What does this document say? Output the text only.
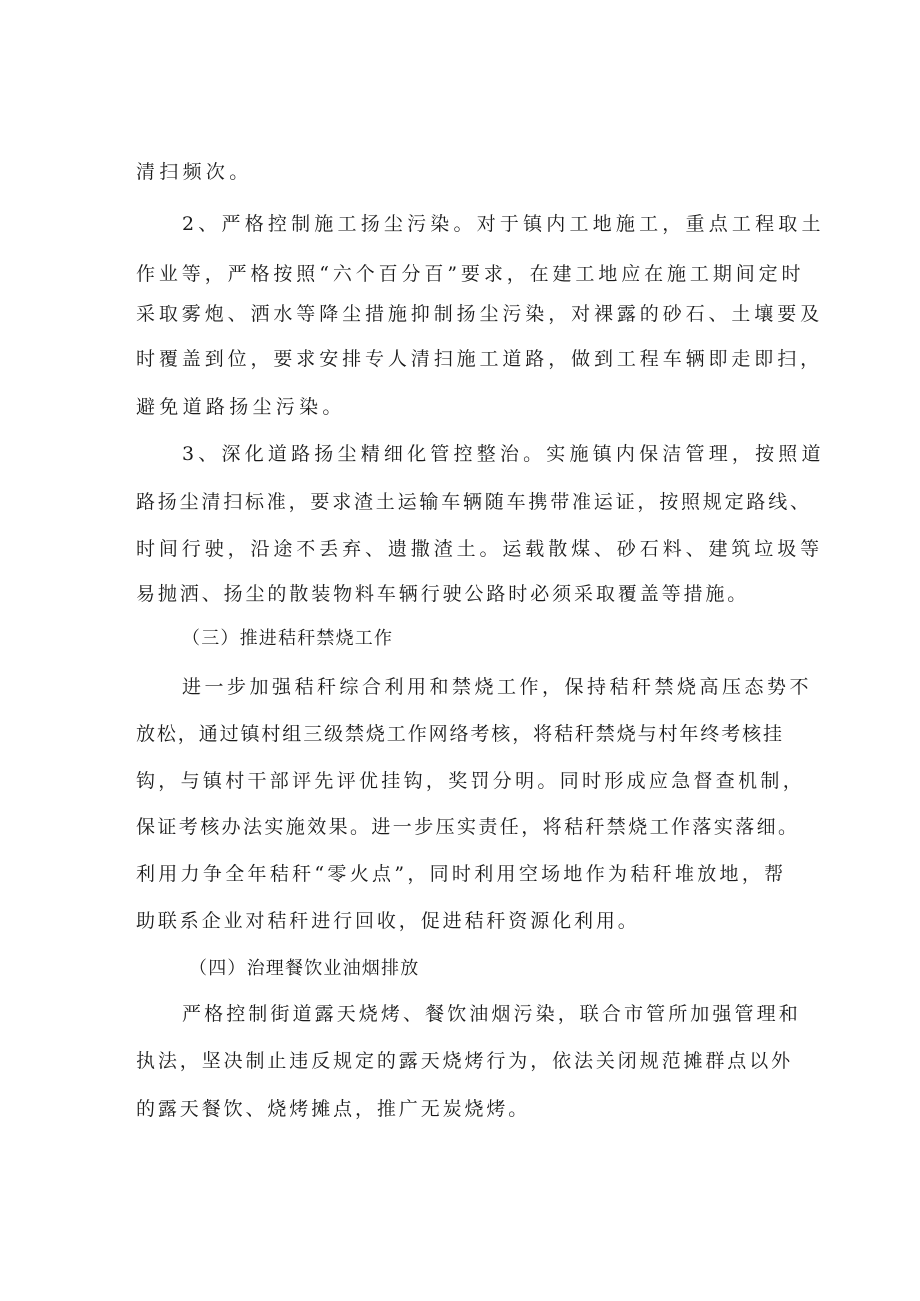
清扫频次。
2、严格控制施工扬尘污染。对于镇内工地施工，重点工程取土
作业等，严格按照“六个百分百”要求，在建工地应在施工期间定时
采取雾炮、洒水等降尘措施抑制扬尘污染，对裸露的砂石、土壤要及
时覆盖到位，要求安排专人清扫施工道路，做到工程车辆即走即扫，
避免道路扬尘污染。
3、深化道路扬尘精细化管控整治。实施镇内保洁管理，按照道
路扬尘清扫标准，要求渣土运输车辆随车携带准运证，按照规定路线、
时间行驶，沿途不丢弃、遗撒渣土。运载散煤、砂石料、建筑垃圾等
易抛洒、扬尘的散装物料车辆行驶公路时必须采取覆盖等措施。
（三）推进秸秆禁烧工作
进一步加强秸秆综合利用和禁烧工作，保持秸秆禁烧高压态势不
放松，通过镇村组三级禁烧工作网络考核，将秸秆禁烧与村年终考核挂
钩，与镇村干部评先评优挂钩，奖罚分明。同时形成应急督查机制，
保证考核办法实施效果。进一步压实责任，将秸秆禁烧工作落实落细。
利用力争全年秸秆“零火点”，同时利用空场地作为秸秆堆放地，帮
助联系企业对秸秆进行回收，促进秸秆资源化利用。
（四）治理餐饮业油烟排放
严格控制街道露天烧烤、餐饮油烟污染，联合市管所加强管理和
执法，坚决制止违反规定的露天烧烤行为，依法关闭规范摊群点以外
的露天餐饮、烧烤摊点，推广无炭烧烤。
